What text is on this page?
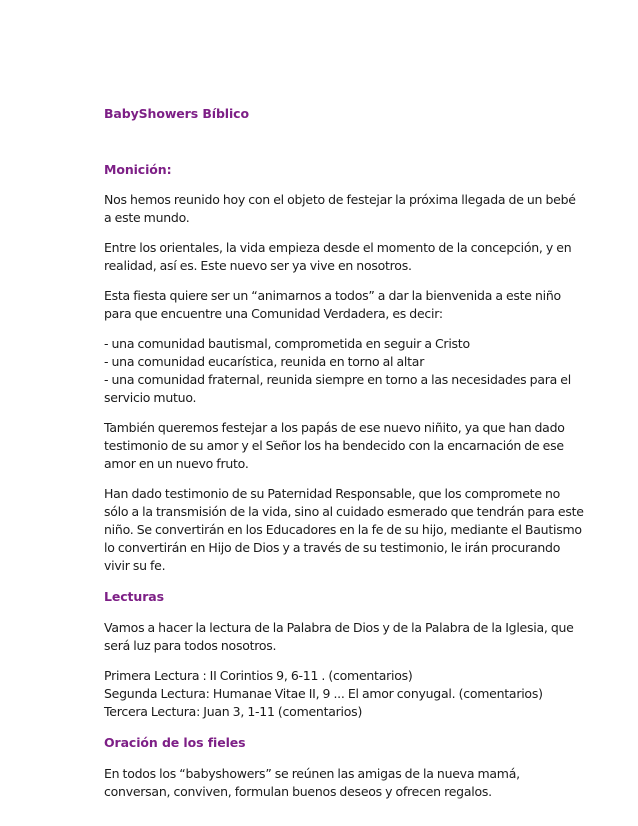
BabyShowers Bíblico
Monición:

Nos hemos reunido hoy con el objeto de festejar la próxima llegada de un bebé
a este mundo.

Entre los orientales, la vida empieza desde el momento de la concepción, y en
realidad, así es. Este nuevo ser ya vive en nosotros.

Esta fiesta quiere ser un “animarnos a todos” a dar la bienvenida a este niño
para que encuentre una Comunidad Verdadera, es decir:

- una comunidad bautismal, comprometida en seguir a Cristo
- una comunidad eucarística, reunida en torno al altar
- una comunidad fraternal, reunida siempre en torno a las necesidades para el
servicio mutuo.

También queremos festejar a los papás de ese nuevo niñito, ya que han dado
testimonio de su amor y el Señor los ha bendecido con la encarnación de ese
amor en un nuevo fruto.

Han dado testimonio de su Paternidad Responsable, que los compromete no
sólo a la transmisión de la vida, sino al cuidado esmerado que tendrán para este
niño. Se convertirán en los Educadores en la fe de su hijo, mediante el Bautismo
lo convertirán en Hijo de Dios y a través de su testimonio, le irán procurando
vivir su fe.

Lecturas

Vamos a hacer la lectura de la Palabra de Dios y de la Palabra de la Iglesia, que
será luz para todos nosotros.

Primera Lectura : II Corintios 9, 6-11 . (comentarios)
Segunda Lectura: Humanae Vitae II, 9 ... El amor conyugal. (comentarios)
Tercera Lectura: Juan 3, 1-11 (comentarios)

Oración de los fieles

En todos los “babyshowers” se reúnen las amigas de la nueva mamá,
conversan, conviven, formulan buenos deseos y ofrecen regalos.
